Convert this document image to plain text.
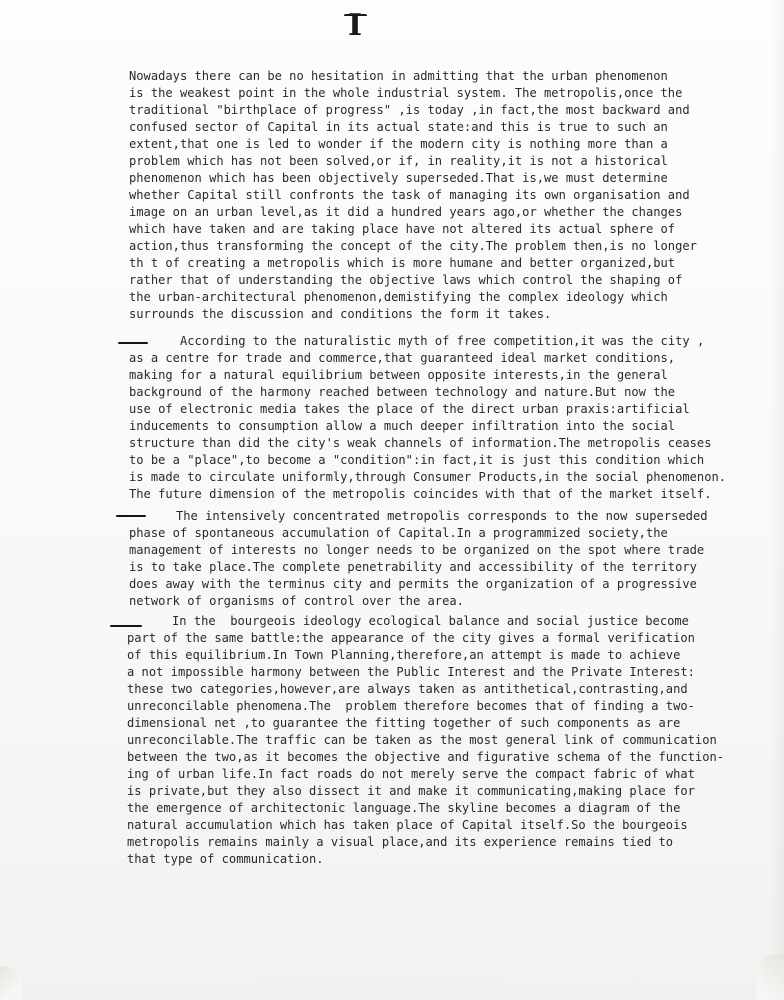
I
Nowadays there can be no hesitation in admitting that the urban phenomenon
is the weakest point in the whole industrial system. The metropolis,once the
traditional "birthplace of progress" ,is today ,in fact,the most backward and
confused sector of Capital in its actual state:and this is true to such an
extent,that one is led to wonder if the modern city is nothing more than a
problem which has not been solved,or if, in reality,it is not a historical
phenomenon which has been objectively superseded.That is,we must determine
whether Capital still confronts the task of managing its own organisation and
image on an urban level,as it did a hundred years ago,or whether the changes
which have taken and are taking place have not altered its actual sphere of
action,thus transforming the concept of the city.The problem then,is no longer
th t of creating a metropolis which is more humane and better organized,but
rather that of understanding the objective laws which control the shaping of
the urban-architectural phenomenon,demistifying the complex ideology which
surrounds the discussion and conditions the form it takes.
According to the naturalistic myth of free competition,it was the city ,
as a centre for trade and commerce,that guaranteed ideal market conditions,
making for a natural equilibrium between opposite interests,in the general
background of the harmony reached between technology and nature.But now the
use of electronic media takes the place of the direct urban praxis:artificial
inducements to consumption allow a much deeper infiltration into the social
structure than did the city's weak channels of information.The metropolis ceases
to be a "place",to become a "condition":in fact,it is just this condition which
is made to circulate uniformly,through Consumer Products,in the social phenomenon.
The future dimension of the metropolis coincides with that of the market itself.
The intensively concentrated metropolis corresponds to the now superseded
phase of spontaneous accumulation of Capital.In a programmized society,the
management of interests no longer needs to be organized on the spot where trade
is to take place.The complete penetrability and accessibility of the territory
does away with the terminus city and permits the organization of a progressive
network of organisms of control over the area.
In the  bourgeois ideology ecological balance and social justice become
part of the same battle:the appearance of the city gives a formal verification
of this equilibrium.In Town Planning,therefore,an attempt is made to achieve
a not impossible harmony between the Public Interest and the Private Interest:
these two categories,however,are always taken as antithetical,contrasting,and
unreconcilable phenomena.The  problem therefore becomes that of finding a two-
dimensional net ,to guarantee the fitting together of such components as are
unreconcilable.The traffic can be taken as the most general link of communication
between the two,as it becomes the objective and figurative schema of the function-
ing of urban life.In fact roads do not merely serve the compact fabric of what
is private,but they also dissect it and make it communicating,making place for
the emergence of architectonic language.The skyline becomes a diagram of the
natural accumulation which has taken place of Capital itself.So the bourgeois
metropolis remains mainly a visual place,and its experience remains tied to
that type of communication.
